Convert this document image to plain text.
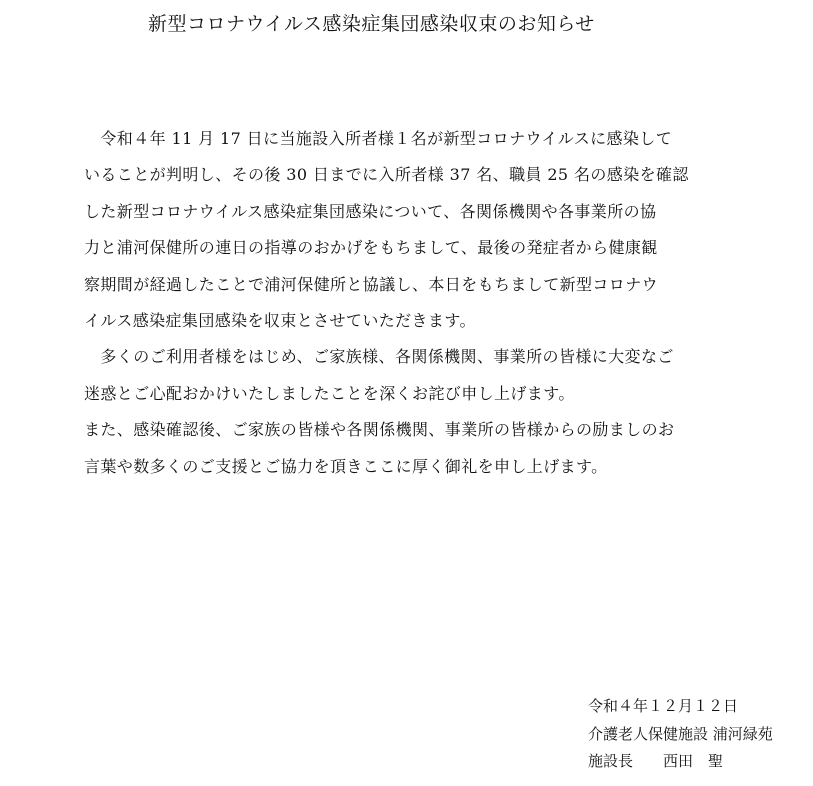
新型コロナウイルス感染症集団感染収束のお知らせ
　令和４年 11 月 17 日に当施設入所者様１名が新型コロナウイルスに感染して
いることが判明し、その後 30 日までに入所者様 37 名、職員 25 名の感染を確認
した新型コロナウイルス感染症集団感染について、各関係機関や各事業所の協
力と浦河保健所の連日の指導のおかげをもちまして、最後の発症者から健康観
察期間が経過したことで浦河保健所と協議し、本日をもちまして新型コロナウ
イルス感染症集団感染を収束とさせていただきます。
　多くのご利用者様をはじめ、ご家族様、各関係機関、事業所の皆様に大変なご
迷惑とご心配おかけいたしましたことを深くお詫び申し上げます。
また、感染確認後、ご家族の皆様や各関係機関、事業所の皆様からの励ましのお
言葉や数多くのご支援とご協力を頂きここに厚く御礼を申し上げます。
令和４年１２月１２日
介護老人保健施設 浦河緑苑
施設長　　西田　聖
